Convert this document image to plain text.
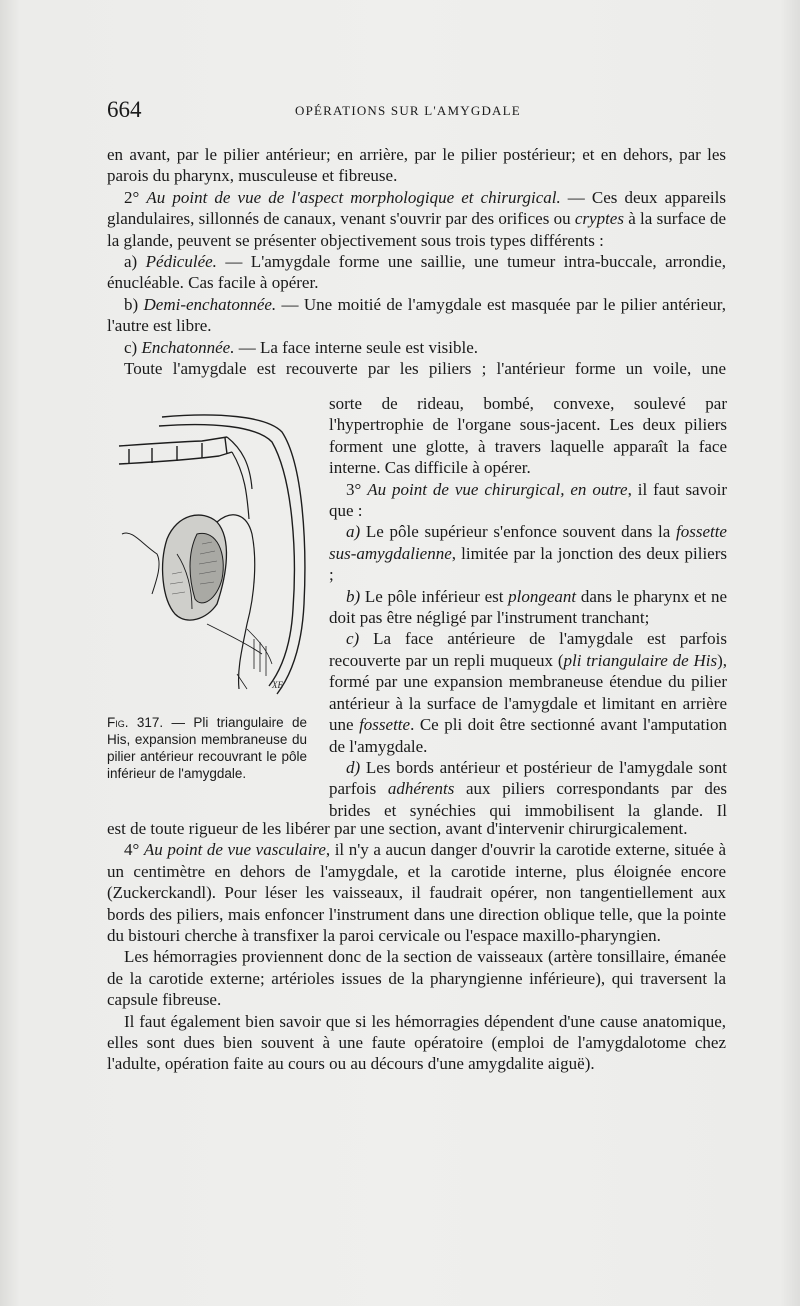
664	OPÉRATIONS SUR L'AMYGDALE

en avant, par le pilier antérieur; en arrière, par le pilier postérieur; et en dehors, par les parois du pharynx, musculeuse et fibreuse.

2° Au point de vue de l'aspect morphologique et chirurgical. — Ces deux appareils glandulaires, sillonnés de canaux, venant s'ouvrir par des orifices ou cryptes à la surface de la glande, peuvent se présenter objectivement sous trois types différents :

a) Pédiculée. — L'amygdale forme une saillie, une tumeur intra-buccale, arrondie, énucléable. Cas facile à opérer.

b) Demi-enchatonnée. — Une moitié de l'amygdale est masquée par le pilier antérieur, l'autre est libre.

c) Enchatonnée. — La face interne seule est visible.

Toute l'amygdale est recouverte par les piliers ; l'antérieur forme un voile, une

XE

Fig. 317. — Pli triangulaire de His, expansion membraneuse du pilier antérieur recouvrant le pôle inférieur de l'amygdale.

sorte de rideau, bombé, convexe, soulevé par l'hypertrophie de l'organe sous-jacent. Les deux piliers forment une glotte, à travers laquelle apparaît la face interne. Cas difficile à opérer.

3° Au point de vue chirurgical, en outre, il faut savoir que :

a) Le pôle supérieur s'enfonce souvent dans la fossette sus-amygdalienne, limitée par la jonction des deux piliers ;

b) Le pôle inférieur est plongeant dans le pharynx et ne doit pas être négligé par l'instrument tranchant;

c) La face antérieure de l'amygdale est parfois recouverte par un repli muqueux (pli triangulaire de His), formé par une expansion membraneuse étendue du pilier antérieur à la surface de l'amygdale et limitant en arrière une fossette. Ce pli doit être sectionné avant l'amputation de l'amygdale.

d) Les bords antérieur et postérieur de l'amygdale sont parfois adhérents aux piliers correspondants par des brides et synéchies qui immobilisent la glande. Il

est de toute rigueur de les libérer par une section, avant d'intervenir chirurgicalement.

4° Au point de vue vasculaire, il n'y a aucun danger d'ouvrir la carotide externe, située à un centimètre en dehors de l'amygdale, et la carotide interne, plus éloignée encore (Zuckerckandl). Pour léser les vaisseaux, il faudrait opérer, non tangentiellement aux bords des piliers, mais enfoncer l'instrument dans une direction oblique telle, que la pointe du bistouri cherche à transfixer la paroi cervicale ou l'espace maxillo-pharyngien.

Les hémorragies proviennent donc de la section de vaisseaux (artère tonsillaire, émanée de la carotide externe; artérioles issues de la pharyngienne inférieure), qui traversent la capsule fibreuse.

Il faut également bien savoir que si les hémorragies dépendent d'une cause anatomique, elles sont dues bien souvent à une faute opératoire (emploi de l'amygdalotome chez l'adulte, opération faite au cours ou au décours d'une amygdalite aiguë).
